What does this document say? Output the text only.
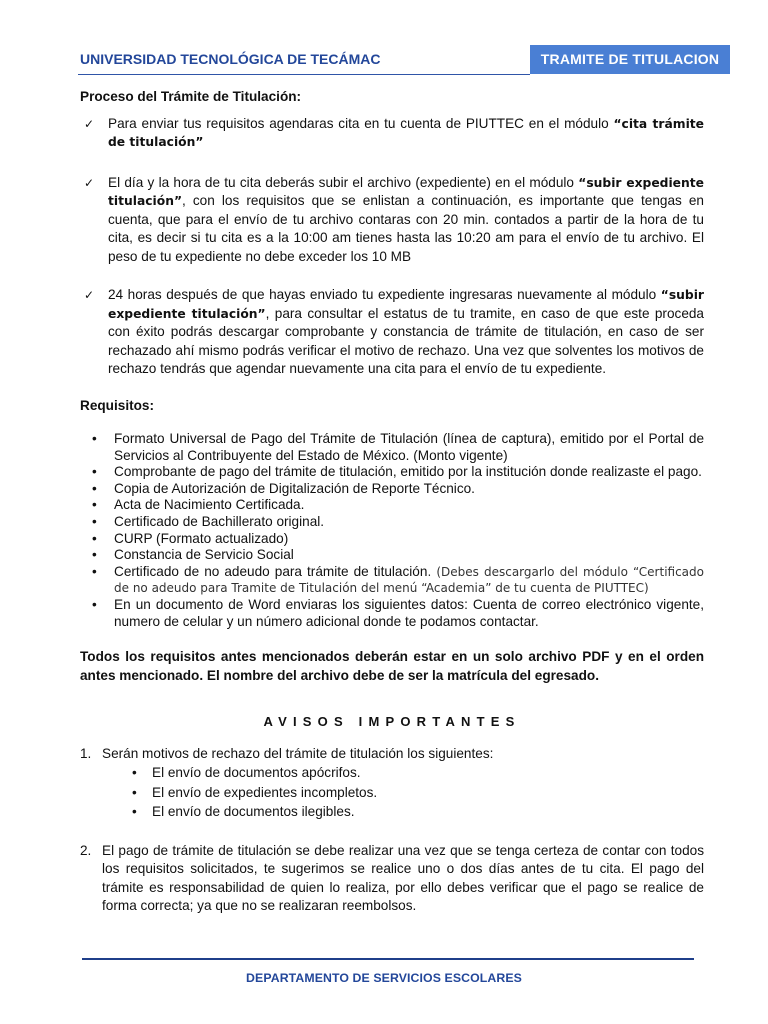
UNIVERSIDAD TECNOLÓGICA DE TECÁMAC	TRAMITE DE TITULACION

Proceso del Trámite de Titulación:

✓ Para enviar tus requisitos agendaras cita en tu cuenta de PIUTTEC en el módulo “cita trámite de titulación”

✓ El día y la hora de tu cita deberás subir el archivo (expediente) en el módulo “subir expediente titulación”, con los requisitos que se enlistan a continuación, es importante que tengas en cuenta, que para el envío de tu archivo contaras con 20 min. contados a partir de la hora de tu cita, es decir si tu cita es a la 10:00 am tienes hasta las 10:20 am para el envío de tu archivo. El peso de tu expediente no debe exceder los 10 MB

✓ 24 horas después de que hayas enviado tu expediente ingresaras nuevamente al módulo “subir expediente titulación”, para consultar el estatus de tu tramite, en caso de que este proceda con éxito podrás descargar comprobante y constancia de trámite de titulación, en caso de ser rechazado ahí mismo podrás verificar el motivo de rechazo. Una vez que solventes los motivos de rechazo tendrás que agendar nuevamente una cita para el envío de tu expediente.

Requisitos:

• Formato Universal de Pago del Trámite de Titulación (línea de captura), emitido por el Portal de Servicios al Contribuyente del Estado de México. (Monto vigente)
• Comprobante de pago del trámite de titulación, emitido por la institución donde realizaste el pago.
• Copia de Autorización de Digitalización de Reporte Técnico.
• Acta de Nacimiento Certificada.
• Certificado de Bachillerato original.
• CURP (Formato actualizado)
• Constancia de Servicio Social
• Certificado de no adeudo para trámite de titulación. (Debes descargarlo del módulo “Certificado de no adeudo para Tramite de Titulación del menú “Academia” de tu cuenta de PIUTTEC)
• En un documento de Word enviaras los siguientes datos: Cuenta de correo electrónico vigente, numero de celular y un número adicional donde te podamos contactar.

Todos los requisitos antes mencionados deberán estar en un solo archivo PDF y en el orden antes mencionado. El nombre del archivo debe de ser la matrícula del egresado.

AVISOS IMPORTANTES

1. Serán motivos de rechazo del trámite de titulación los siguientes:

• El envío de documentos apócrifos.
• El envío de expedientes incompletos.
• El envío de documentos ilegibles.

2. El pago de trámite de titulación se debe realizar una vez que se tenga certeza de contar con todos los requisitos solicitados, te sugerimos se realice uno o dos días antes de tu cita. El pago del trámite es responsabilidad de quien lo realiza, por ello debes verificar que el pago se realice de forma correcta; ya que no se realizaran reembolsos.

DEPARTAMENTO DE SERVICIOS ESCOLARES
